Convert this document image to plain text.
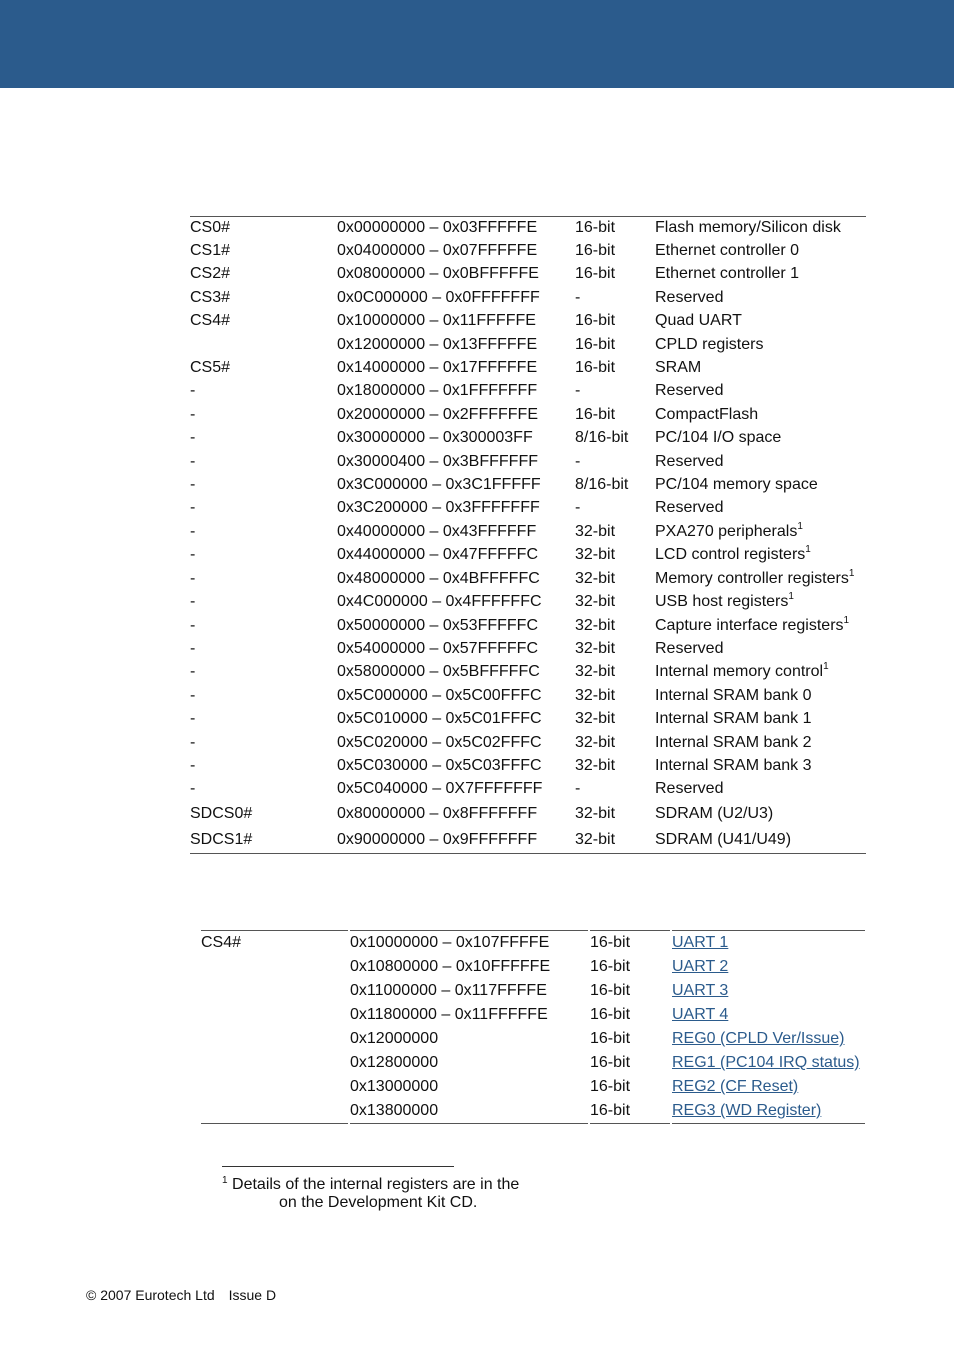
CS0#	0x00000000 – 0x03FFFFFE	16-bit	Flash memory/Silicon disk
CS1#	0x04000000 – 0x07FFFFFE	16-bit	Ethernet controller 0
CS2#	0x08000000 – 0x0BFFFFFE	16-bit	Ethernet controller 1
CS3#	0x0C000000 – 0x0FFFFFFF	-	Reserved
CS4#	0x10000000 – 0x11FFFFFE	16-bit	Quad UART
	0x12000000 – 0x13FFFFFE	16-bit	CPLD registers
CS5#	0x14000000 – 0x17FFFFFE	16-bit	SRAM
-	0x18000000 – 0x1FFFFFFF	-	Reserved
-	0x20000000 – 0x2FFFFFFE	16-bit	CompactFlash
-	0x30000000 – 0x300003FF	8/16-bit	PC/104 I/O space
-	0x30000400 – 0x3BFFFFFF	-	Reserved
-	0x3C000000 – 0x3C1FFFFF	8/16-bit	PC/104 memory space
-	0x3C200000 – 0x3FFFFFFF	-	Reserved
-	0x40000000 – 0x43FFFFFF	32-bit	PXA270 peripherals$^1$
-	0x44000000 – 0x47FFFFFC	32-bit	LCD control registers$^1$
-	0x48000000 – 0x4BFFFFFC	32-bit	Memory controller registers$^1$
-	0x4C000000 – 0x4FFFFFFC	32-bit	USB host registers$^1$
-	0x50000000 – 0x53FFFFFC	32-bit	Capture interface registers$^1$
-	0x54000000 – 0x57FFFFFC	32-bit	Reserved
-	0x58000000 – 0x5BFFFFFC	32-bit	Internal memory control$^1$
-	0x5C000000 – 0x5C00FFFC	32-bit	Internal SRAM bank 0
-	0x5C010000 – 0x5C01FFFC	32-bit	Internal SRAM bank 1
-	0x5C020000 – 0x5C02FFFC	32-bit	Internal SRAM bank 2
-	0x5C030000 – 0x5C03FFFC	32-bit	Internal SRAM bank 3
-	0x5C040000 – 0X7FFFFFFF	-	Reserved
SDCS0#	0x80000000 – 0x8FFFFFFF	32-bit	SDRAM (U2/U3)
SDCS1#	0x90000000 – 0x9FFFFFFF	32-bit	SDRAM (U41/U49)
CS4#	0x10000000 – 0x107FFFFE	16-bit	UART 1
	0x10800000 – 0x10FFFFFE	16-bit	UART 2
	0x11000000 – 0x117FFFFE	16-bit	UART 3
	0x11800000 – 0x11FFFFFE	16-bit	UART 4
	0x12000000	16-bit	REG0 (CPLD Ver/Issue)
	0x12800000	16-bit	REG1 (PC104 IRQ status)
	0x13000000	16-bit	REG2 (CF Reset)
	0x13800000	16-bit	REG3 (WD Register)
$^1$ Details of the internal registers are in the
on the Development Kit CD.
© 2007 Eurotech Ltd Issue D
